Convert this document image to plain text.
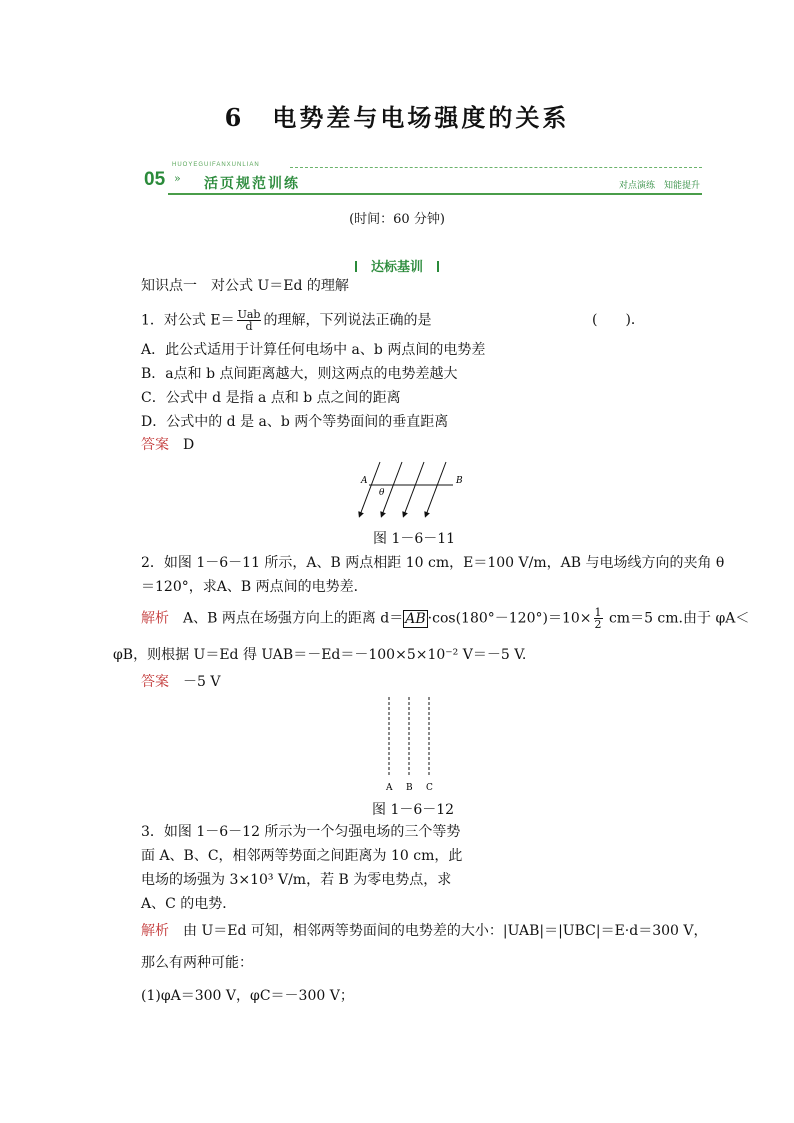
6 电势差与电场强度的关系
05
HUOYEGUIFANXUNLIAN
» 活页规范训练	对点演练　知能提升
(时间：60 分钟)
达标基训
知识点一　对公式 U＝Ed 的理解
1．对公式 $E= \frac{\text{Uab}}{d}$ 的理解，下列说法正确的是	(　　)．
A．此公式适用于计算任何电场中 a、b 两点间的电势差
B．a点和 b 点间距离越大，则这两点的电势差越大
C．公式中 d 是指 a 点和 b 点之间的距离
D．公式中的 d 是 a、b 两个等势面间的垂直距离
答案　 D
A	B
θ
图 1－6－11
2．如图 1－6－11 所示，A、B 两点相距 10 cm，E＝100 V/m，AB 与电场线方向的夹角 θ
＝120°，求A、B 两点间的电势差．
解析　 A、B 两点在场强方向上的距离 d＝ AB $\cdot\cos(180^\circ-120^\circ)=10\times \frac{1}{2} cm=5$ cm.由于 φA＜
φB，则根据 U＝Ed 得 UAB＝－Ed＝－100×5×10⁻² V＝－5 V.
答案　 －5 V
A B C
图 1－6－12
3．如图 1－6－12 所示为一个匀强电场的三个等势
面 A、B、C，相邻两等势面之间距离为 10 cm，此
电场的场强为 3×10³ V/m，若 B 为零电势点，求
A、C 的电势．
解析　 由 U＝Ed 可知，相邻两等势面间的电势差的大小：|UAB|＝|UBC|＝E·d＝300 V，
那么有两种可能：
(1)φA＝300 V，φC＝－300 V；
